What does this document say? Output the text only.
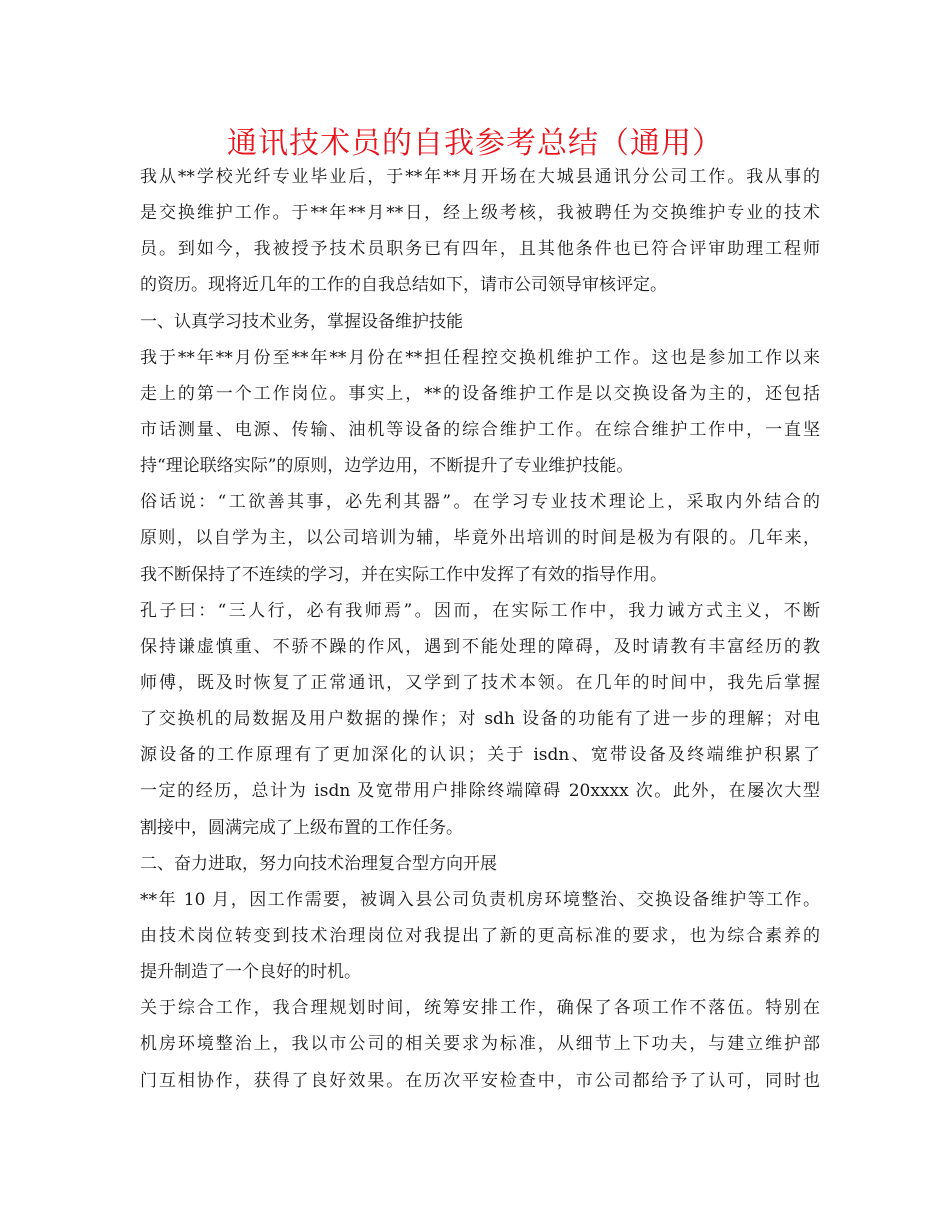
通讯技术员的自我参考总结（通用）
我从**学校光纤专业毕业后，于**年**月开场在大城县通讯分公司工作。我从事的
是交换维护工作。于**年**月**日，经上级考核，我被聘任为交换维护专业的技术
员。到如今，我被授予技术员职务已有四年，且其他条件也已符合评审助理工程师
的资历。现将近几年的工作的自我总结如下，请市公司领导审核评定。
一、认真学习技术业务，掌握设备维护技能
我于**年**月份至**年**月份在**担任程控交换机维护工作。这也是参加工作以来
走上的第一个工作岗位。事实上，**的设备维护工作是以交换设备为主的，还包括
市话测量、电源、传输、油机等设备的综合维护工作。在综合维护工作中，一直坚
持“理论联络实际”的原则，边学边用，不断提升了专业维护技能。
俗话说：“工欲善其事，必先利其器”。在学习专业技术理论上，采取内外结合的
原则，以自学为主，以公司培训为辅，毕竟外出培训的时间是极为有限的。几年来，
我不断保持了不连续的学习，并在实际工作中发挥了有效的指导作用。
孔子曰：“三人行，必有我师焉”。因而，在实际工作中，我力诫方式主义，不断
保持谦虚慎重、不骄不躁的作风，遇到不能处理的障碍，及时请教有丰富经历的教
师傅，既及时恢复了正常通讯，又学到了技术本领。在几年的时间中，我先后掌握
了交换机的局数据及用户数据的操作；对 sdh 设备的功能有了进一步的理解；对电
源设备的工作原理有了更加深化的认识；关于 isdn、宽带设备及终端维护积累了
一定的经历，总计为 isdn 及宽带用户排除终端障碍 20xxxx 次。此外，在屡次大型
割接中，圆满完成了上级布置的工作任务。
二、奋力进取，努力向技术治理复合型方向开展
**年 10 月，因工作需要，被调入县公司负责机房环境整治、交换设备维护等工作。
由技术岗位转变到技术治理岗位对我提出了新的更高标准的要求，也为综合素养的
提升制造了一个良好的时机。
关于综合工作，我合理规划时间，统筹安排工作，确保了各项工作不落伍。特别在
机房环境整治上，我以市公司的相关要求为标准，从细节上下功夫，与建立维护部
门互相协作，获得了良好效果。在历次平安检查中，市公司都给予了认可，同时也
